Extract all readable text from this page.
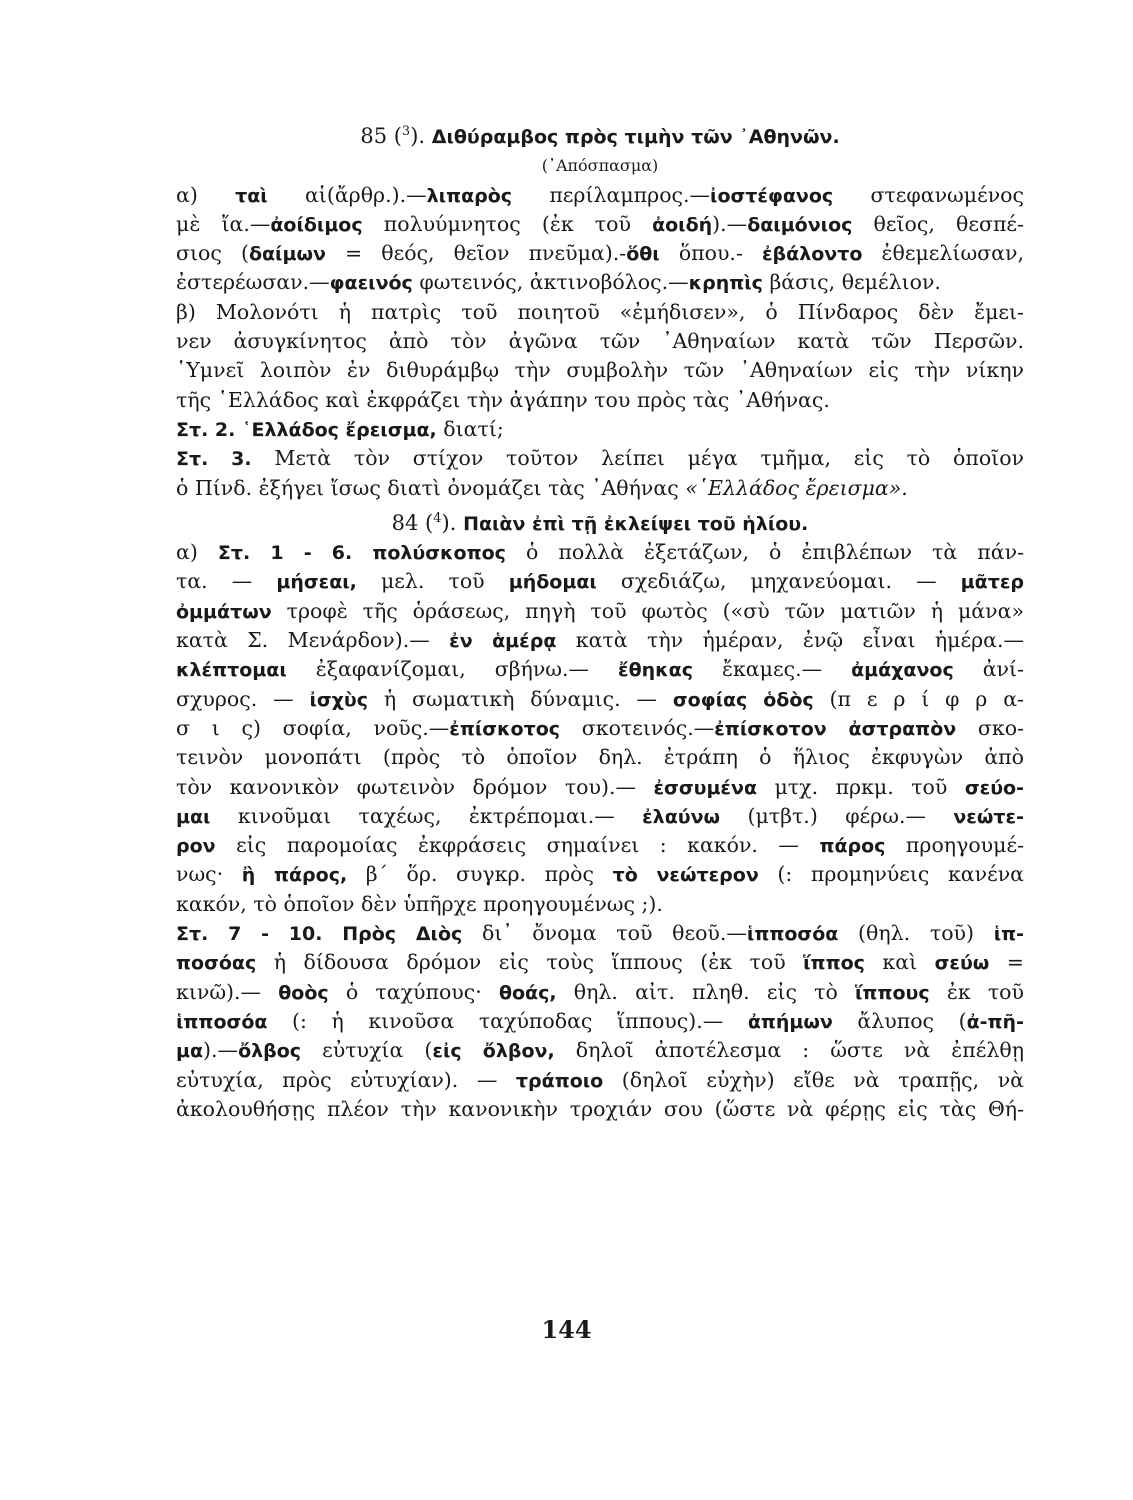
85 ($^3$). Διθύραμβος πρὸς τιμὴν τῶν ᾿Αθηνῶν.
(᾿Απόσπασμα)
α) ταὶ αἱ(ἄρθρ.).—λιπαρὸς περίλαμπρος.—ἰοστέφανος στεφανωμένος
μὲ ἴα.—ἀοίδιμος πολυύμνητος (ἐκ τοῦ ἀοιδή).—δαιμόνιος θεῖος, θεσπέ-
σιος (δαίμων = θεός, θεῖον πνεῦμα).-ὅθι ὅπου.- ἐβάλοντο ἐθεμελίωσαν,
ἐστερέωσαν.—φαεινός φωτεινός, ἀκτινοβόλος.—κρηπὶς βάσις, θεμέλιον.
β) Μολονότι ἡ πατρὶς τοῦ ποιητοῦ «ἐμήδισεν», ὁ Πίνδαρος δὲν ἔμει-
νεν ἀσυγκίνητος ἀπὸ τὸν ἀγῶνα τῶν ᾿Αθηναίων κατὰ τῶν Περσῶν.
῾Υμνεῖ λοιπὸν ἐν διθυράμβῳ τὴν συμβολὴν τῶν ᾿Αθηναίων εἰς τὴν νίκην
τῆς ῾Ελλάδος καὶ ἐκφράζει τὴν ἀγάπην του πρὸς τὰς ᾿Αθήνας.
Στ. 2. ῾Ελλάδος ἔρεισμα, διατί;
Στ. 3. Μετὰ τὸν στίχον τοῦτον λείπει μέγα τμῆμα, εἰς τὸ ὁποῖον
ὁ Πίνδ. ἐξήγει ἴσως διατὶ ὀνομάζει τὰς ᾿Αθήνας «῾Ελλάδος ἔρεισμα».
84 ($^4$). Παιὰν ἐπὶ τῇ ἐκλείψει τοῦ ἡλίου.
α) Στ. 1 - 6. πολύσκοπος ὁ πολλὰ ἐξετάζων, ὁ ἐπιβλέπων τὰ πάν-
τα. — μήσεαι, μελ. τοῦ μήδομαι σχεδιάζω, μηχανεύομαι. — μᾶτερ
ὀμμάτων τροφὲ τῆς ὁράσεως, πηγὴ τοῦ φωτὸς («σὺ τῶν ματιῶν ἡ μάνα»
κατὰ Σ. Μενάρδον).— ἐν ἁμέρᾳ κατὰ τὴν ἡμέραν, ἐνῷ εἶναι ἡμέρα.—
κλέπτομαι ἐξαφανίζομαι, σβήνω.— ἔθηκας ἔκαμες.— ἀμάχανος ἀνί-
σχυρος. — ἰσχὺς ἡ σωματικὴ δύναμις. — σοφίας ὁδὸς (π ε ρ ί φ ρ α-
σ ι ς) σοφία, νοῦς.—ἐπίσκοτος σκοτεινός.—ἐπίσκοτον ἀστραπὸν σκο-
τεινὸν μονοπάτι (πρὸς τὸ ὁποῖον δηλ. ἐτράπη ὁ ἥλιος ἐκφυγὼν ἀπὸ
τὸν κανονικὸν φωτεινὸν δρόμον του).— ἐσσυμένα μτχ. πρκμ. τοῦ σεύο-
μαι κινοῦμαι ταχέως, ἐκτρέπομαι.— ἐλαύνω (μτβτ.) φέρω.— νεώτε-
ρον εἰς παρομοίας ἐκφράσεις σημαίνει : κακόν. — πάρος προηγουμέ-
νως· ἢ πάρος, β´ ὅρ. συγκρ. πρὸς τὸ νεώτερον (: προμηνύεις κανένα
κακόν, τὸ ὁποῖον δὲν ὑπῆρχε προηγουμένως ;).
Στ. 7 - 10. Πρὸς Διὸς δι᾿ ὄνομα τοῦ θεοῦ.—ἱπποσόα (θηλ. τοῦ) ἱπ-
ποσόας ἡ δίδουσα δρόμον εἰς τοὺς ἵππους (ἐκ τοῦ ἵππος καὶ σεύω =
κινῶ).— θοὸς ὁ ταχύπους· θοάς, θηλ. αἰτ. πληθ. εἰς τὸ ἵππους ἐκ τοῦ
ἱπποσόα (: ἡ κινοῦσα ταχύποδας ἵππους).— ἀπήμων ἄλυπος (ἀ-πῆ-
μα).—ὄλβος εὐτυχία (εἰς ὄλβον, δηλοῖ ἀποτέλεσμα : ὥστε νὰ ἐπέλθῃ
εὐτυχία, πρὸς εὐτυχίαν). — τράποιο (δηλοῖ εὐχὴν) εἴθε νὰ τραπῇς, νὰ
ἀκολουθήσῃς πλέον τὴν κανονικὴν τροχιάν σου (ὥστε νὰ φέρῃς εἰς τὰς Θή-
144
